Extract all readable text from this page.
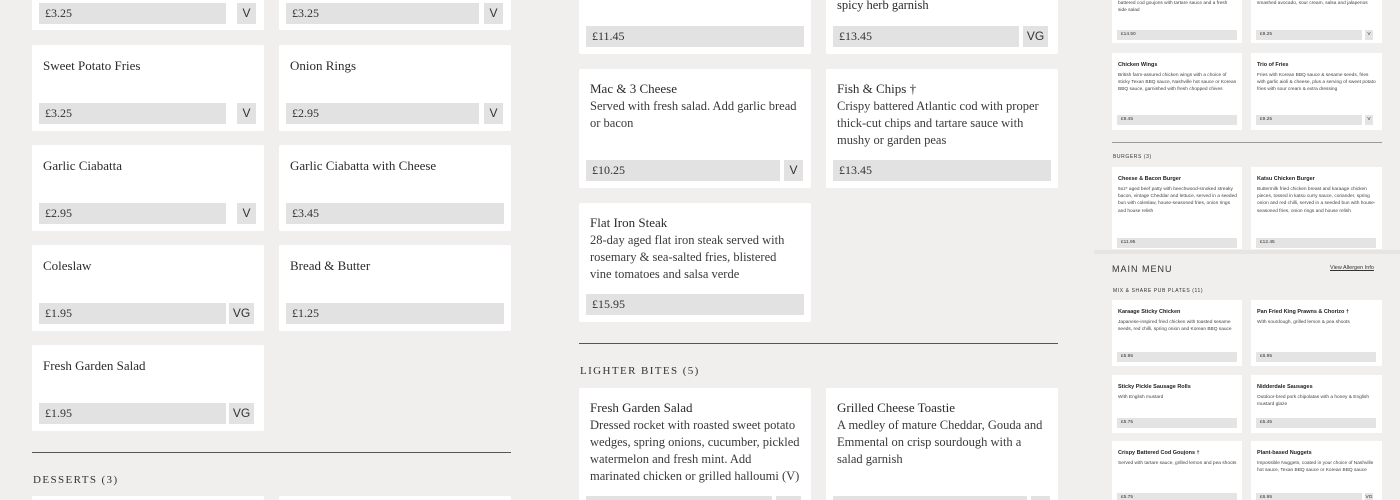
£3.25	V	£3.25	V
Sweet Potato Fries
£3.25	V
Onion Rings
£2.95	V
Garlic Ciabatta
£2.95	V
Garlic Ciabatta with Cheese
£3.45
Coleslaw
£1.95	VG
Bread & Butter
£1.25
Fresh Garden Salad
£1.95	VG
DESSERTS (3)
£11.45
spicy herb garnish
£13.45	VG
Mac & 3 Cheese
Served with fresh salad. Add garlic bread or bacon
£10.25	V
Fish & Chips †
Crispy battered Atlantic cod with proper thick-cut chips and tartare sauce with mushy or garden peas
£13.45
Flat Iron Steak
28-day aged flat iron steak served with rosemary & sea-salted fries, blistered vine tomatoes and salsa verde
£15.95
LIGHTER BITES (5)
Fresh Garden Salad
Dressed rocket with roasted sweet potato wedges, spring onions, cucumber, pickled watermelon and fresh mint. Add marinated chicken or grilled halloumi (V)
Grilled Cheese Toastie
A medley of mature Cheddar, Gouda and Emmental on crisp sourdough with a salad garnish
battered cod goujons with tartare sauce and a fresh side salad
£14.50
smashed avocado, sour cream, salsa and jalapenos
£9.25	V
Chicken Wings
British farm-assured chicken wings with a choice of sticky Texan BBQ sauce, Nashville hot sauce or Korean BBQ sauce, garnished with fresh chopped chives
£9.45
Trio of Fries
Fries with Korean BBQ sauce & sesame seeds, fries with garlic aioli & cheese, plus a serving of sweet potato fries with sour cream & extra dressing
£9.25	V
BURGERS (3)
Cheese & Bacon Burger
6oz* aged beef patty with beechwood-smoked streaky bacon, vintage Cheddar and lettuce, served in a seeded bun with coleslaw, house-seasoned fries, onion rings and house relish
£11.95
Katsu Chicken Burger
Buttermilk fried chicken breast and karaage chicken pieces, tossed in katsu curry sauce, coriander, spring onion and red chilli, served in a seeded bun with house-seasoned fries, onion rings and house relish
£12.45
MAIN MENU	View Allergen Info
MIX & SHARE PUB PLATES (11)
Karaage Sticky Chicken
Japanese-inspired fried chicken with toasted sesame seeds, red chilli, spring onion and Korean BBQ sauce
£5.95
Pan Fried King Prawns & Chorizo †
With sourdough, grilled lemon & pea shoots
£6.95
Sticky Pickle Sausage Rolls
With English mustard
£5.75
Nidderdale Sausages
Outdoor-bred pork chipolatas with a honey & English mustard glaze
£5.45
Crispy Battered Cod Goujons †
Served with tartare sauce, grilled lemon and pea shoots
£5.75
Plant-based Nuggets
Impossible Nuggets, coated in your choice of Nashville hot sauce, Texan BBQ sauce or Korean BBQ sauce
£6.95	VG
